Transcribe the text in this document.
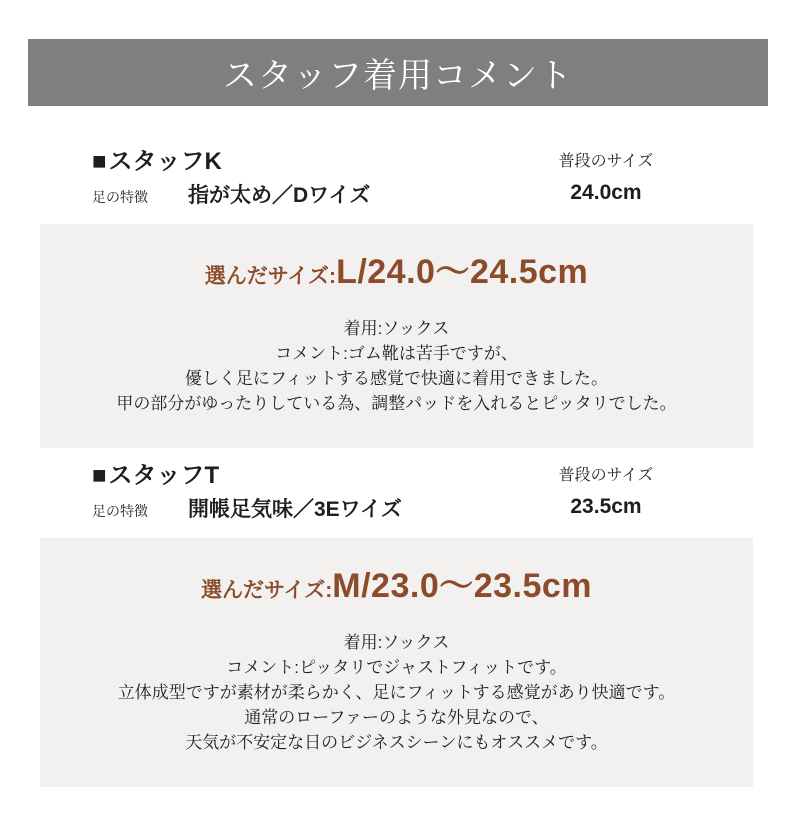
スタッフ着用コメント
■ スタッフK
足の特徴 指が太め／Dワイズ
普段のサイズ
24.0cm
選んだサイズ:L/24.0〜24.5cm
着用:ソックス
コメント:ゴム靴は苦手ですが、
優しく足にフィットする感覚で快適に着用できました。
甲の部分がゆったりしている為、調整パッドを入れるとピッタリでした。
■ スタッフT
足の特徴 開帳足気味／3Eワイズ
普段のサイズ
23.5cm
選んだサイズ:M/23.0〜23.5cm
着用:ソックス
コメント:ピッタリでジャストフィットです。
立体成型ですが素材が柔らかく、足にフィットする感覚があり快適です。
通常のローファーのような外見なので、
天気が不安定な日のビジネスシーンにもオススメです。
